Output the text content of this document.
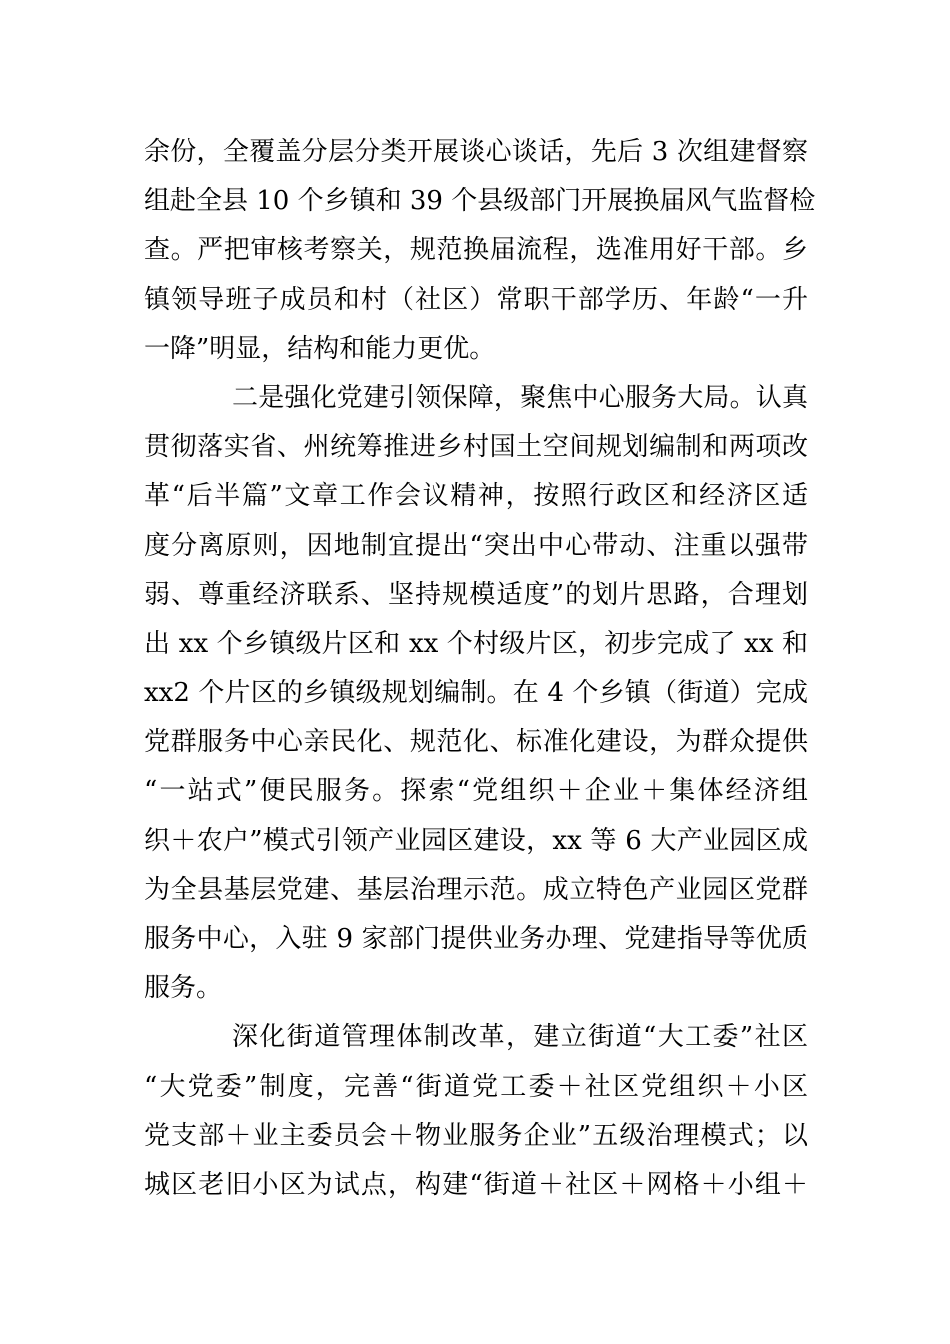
余份，全覆盖分层分类开展谈心谈话，先后 3 次组建督察
组赴全县 10 个乡镇和 39 个县级部门开展换届风气监督检
查。严把审核考察关，规范换届流程，选准用好干部。乡
镇领导班子成员和村（社区）常职干部学历、年龄“一升
一降”明显，结构和能力更优。
二是强化党建引领保障，聚焦中心服务大局。认真
贯彻落实省、州统筹推进乡村国土空间规划编制和两项改
革“后半篇”文章工作会议精神，按照行政区和经济区适
度分离原则，因地制宜提出“突出中心带动、注重以强带
弱、尊重经济联系、坚持规模适度”的划片思路，合理划
出 xx 个乡镇级片区和 xx 个村级片区，初步完成了 xx 和
xx2 个片区的乡镇级规划编制。在 4 个乡镇（街道）完成
党群服务中心亲民化、规范化、标准化建设，为群众提供
“一站式”便民服务。探索“党组织＋企业＋集体经济组
织＋农户”模式引领产业园区建设，xx 等 6 大产业园区成
为全县基层党建、基层治理示范。成立特色产业园区党群
服务中心，入驻 9 家部门提供业务办理、党建指导等优质
服务。
深化街道管理体制改革，建立街道“大工委”社区
“大党委”制度，完善“街道党工委＋社区党组织＋小区
党支部＋业主委员会＋物业服务企业”五级治理模式；以
城区老旧小区为试点，构建“街道＋社区＋网格＋小组＋
